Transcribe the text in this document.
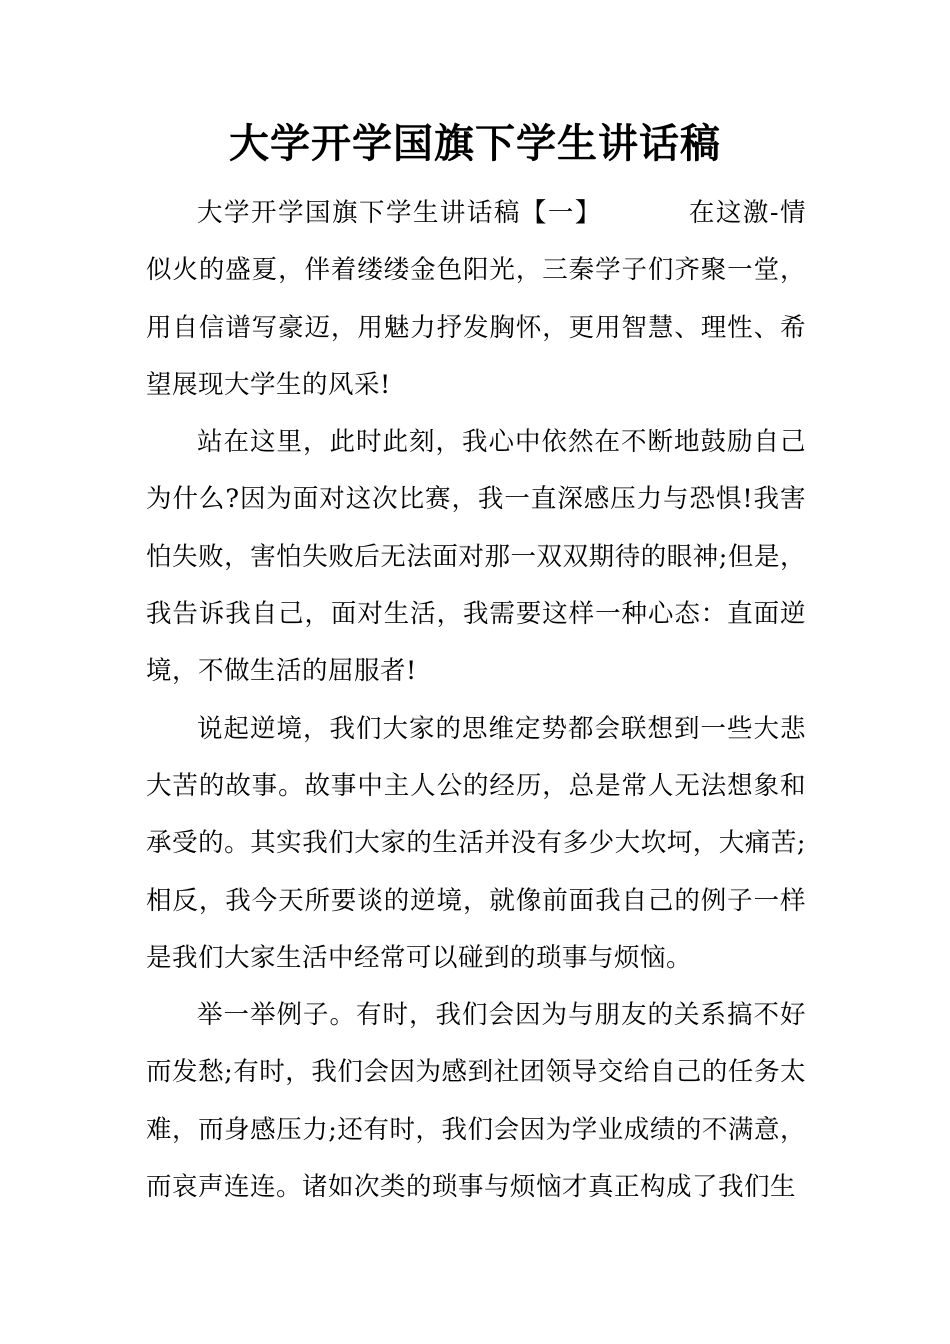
大学开学国旗下学生讲话稿

大学开学国旗下学生讲话稿【一】	在这激-情似火的盛夏，伴着缕缕金色阳光，三秦学子们齐聚一堂，用自信谱写豪迈，用魅力抒发胸怀，更用智慧、理性、希望展现大学生的风采!

站在这里，此时此刻，我心中依然在不断地鼓励自己为什么?因为面对这次比赛，我一直深感压力与恐惧!我害怕失败，害怕失败后无法面对那一双双期待的眼神;但是，我告诉我自己，面对生活，我需要这样一种心态：直面逆境，不做生活的屈服者!

说起逆境，我们大家的思维定势都会联想到一些大悲大苦的故事。故事中主人公的经历，总是常人无法想象和承受的。其实我们大家的生活并没有多少大坎坷，大痛苦;相反，我今天所要谈的逆境，就像前面我自己的例子一样是我们大家生活中经常可以碰到的琐事与烦恼。

举一举例子。有时，我们会因为与朋友的关系搞不好而发愁;有时，我们会因为感到社团领导交给自己的任务太难，而身感压力;还有时，我们会因为学业成绩的不满意，而哀声连连。诸如次类的琐事与烦恼才真正构成了我们生
